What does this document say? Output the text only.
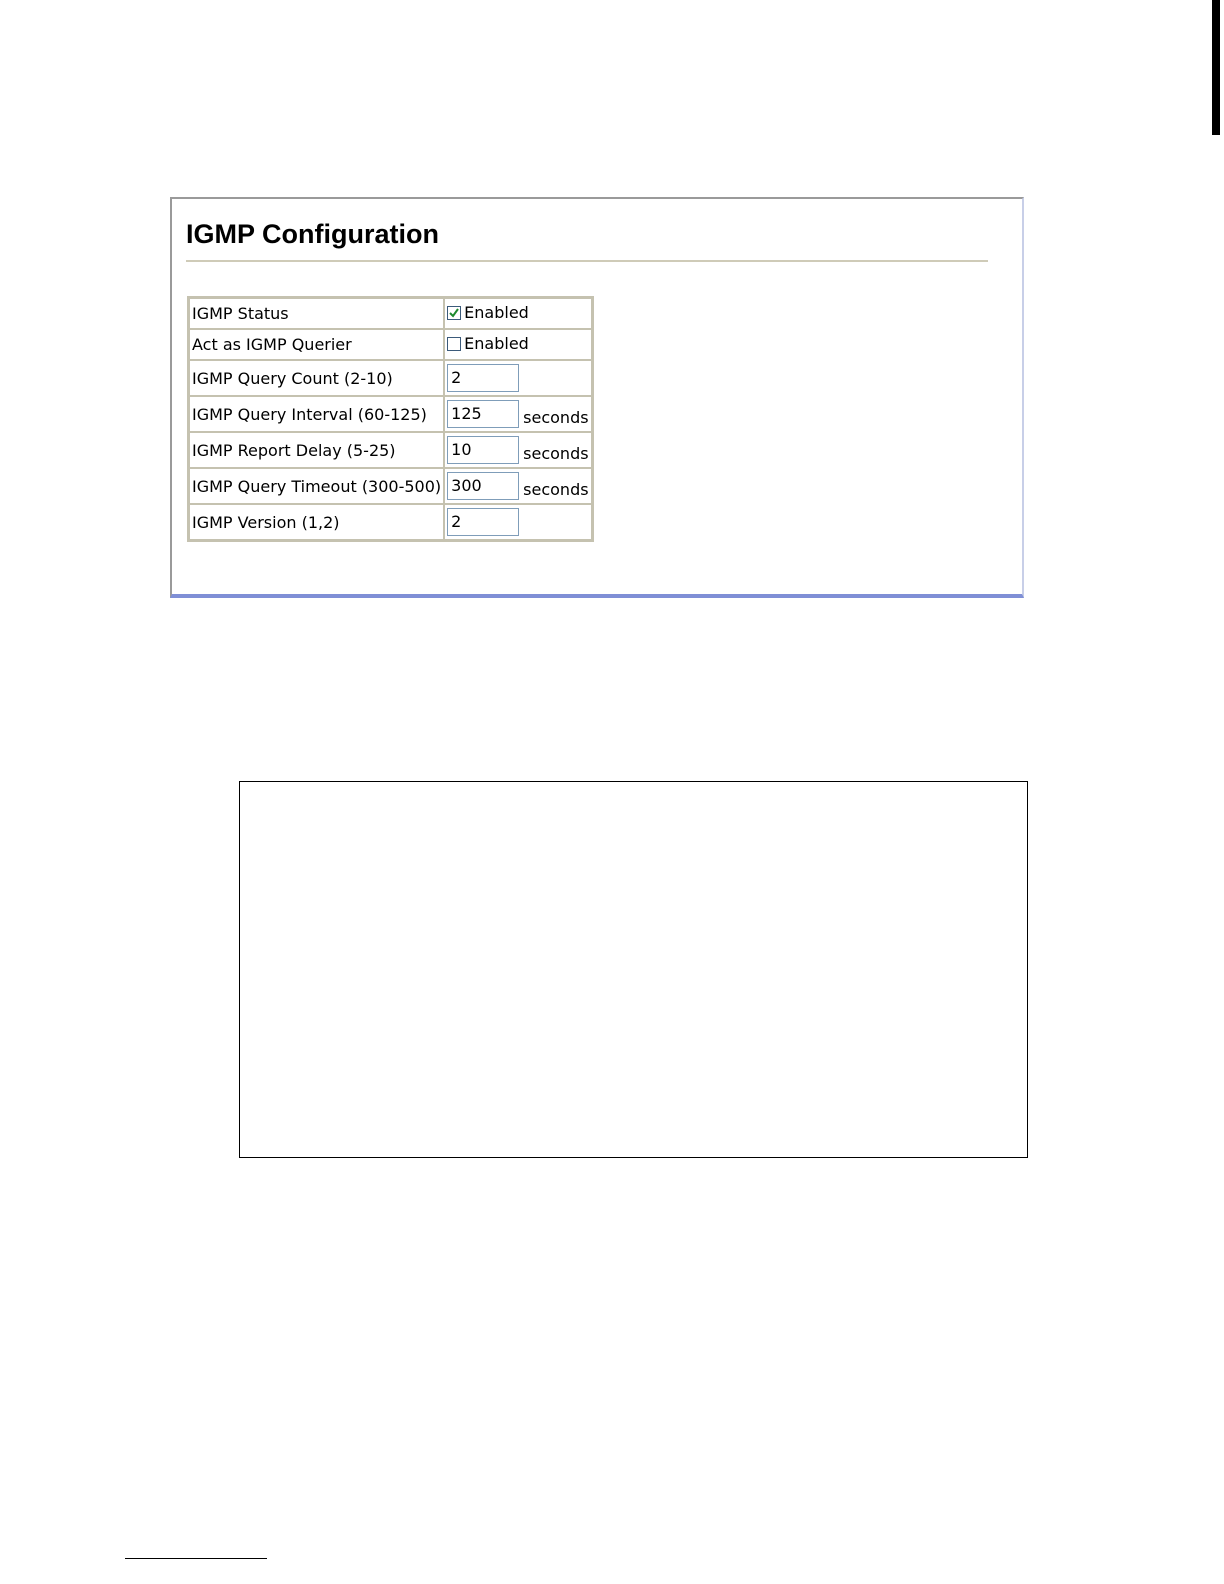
IGMP Configuration
IGMP Status	Enabled

Act as IGMP Querier	Enabled

IGMP Query Count (2-10)	2
IGMP Query Interval (60-125)	125 seconds
IGMP Report Delay (5-25)	10 seconds
IGMP Query Timeout (300-500)	300 seconds
IGMP Version (1,2)	2
